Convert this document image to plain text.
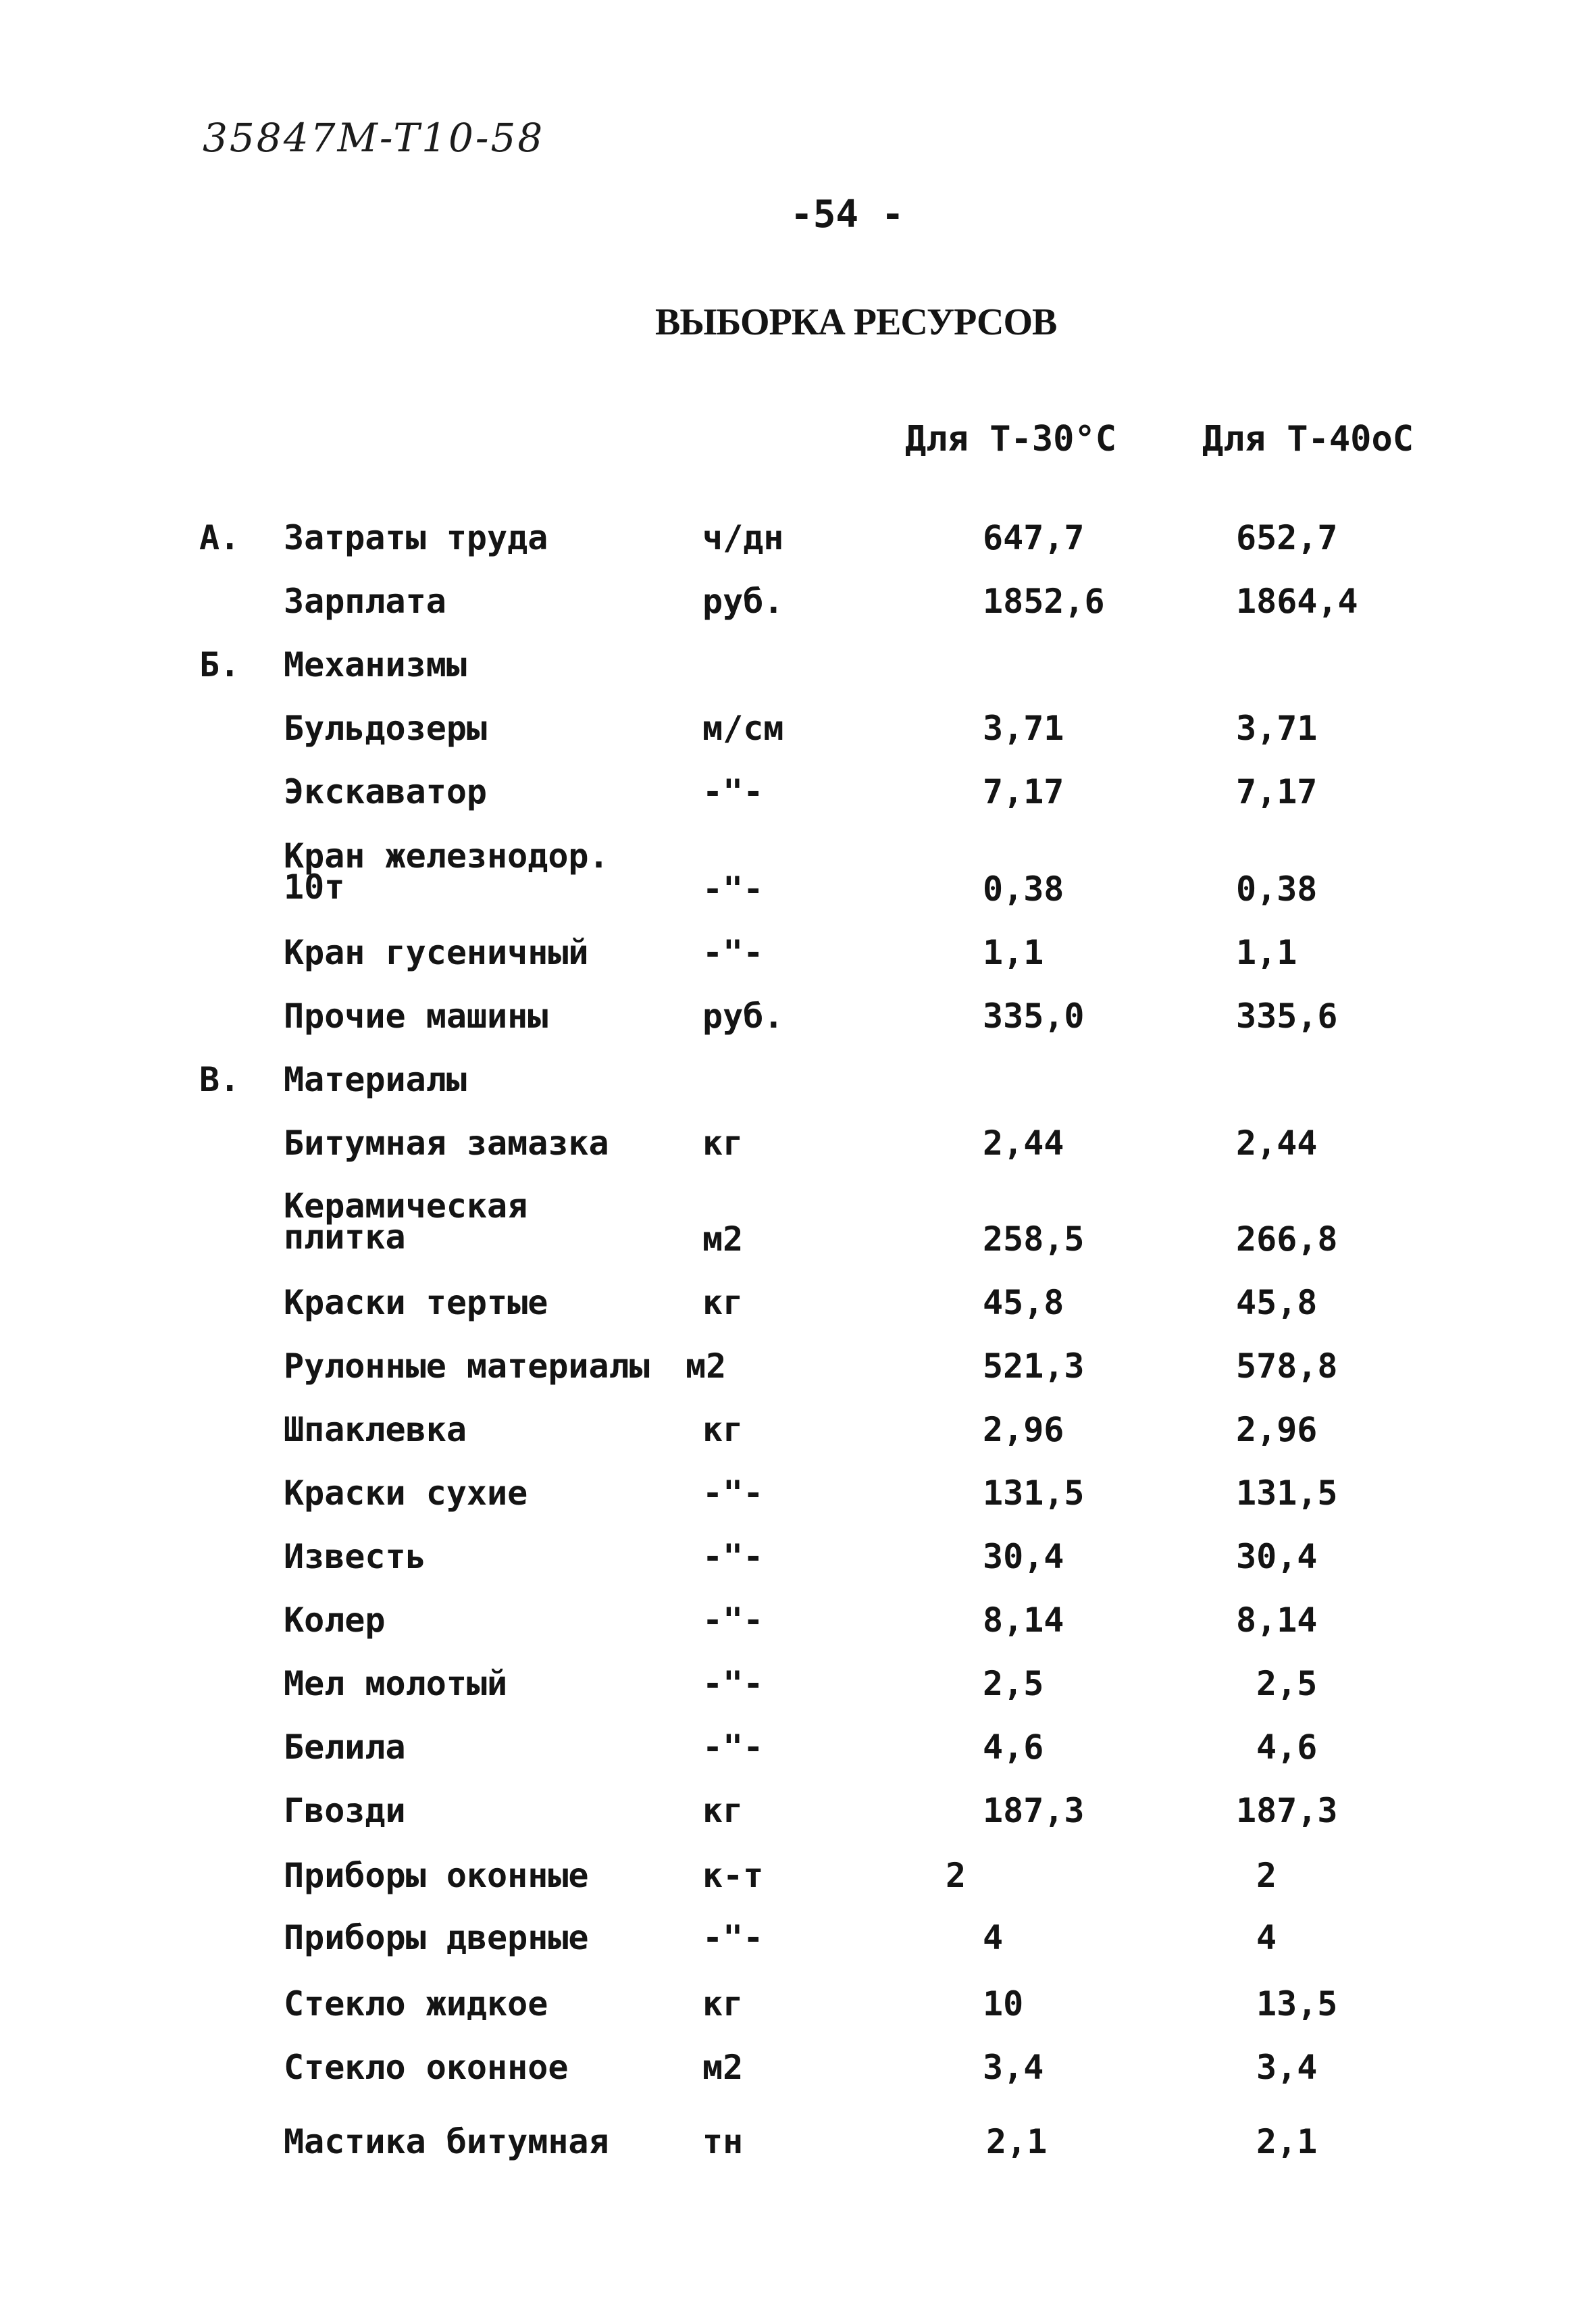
35847M-T10-58
-54 -
ВЫБОРКА РЕСУРСОВ
Для Т-30°С Для Т-40оС
А. Затраты труда	ч/дн	647,7	652,7
Зарплата	руб.	1852,6	1864,4
Б. Механизмы
Бульдозеры	м/см	3,71	3,71
Экскаватор	-"-	7,17	7,17
Кран железнодор.
10т	-"-	0,38	0,38
Кран гусеничный	-"-	1,1	1,1
Прочие машины	руб.	335,0	335,6
В. Материалы
Битумная замазка	кг	2,44	2,44
Керамическая
плитка	м2	258,5	266,8
Краски тертые	кг	45,8	45,8
Рулонные материалы м2	521,3	578,8
Шпаклевка	кг	2,96	2,96
Краски сухие	-"-	131,5	131,5
Известь	-"-	30,4	30,4
Колер	-"-	8,14	8,14
Мел молотый	-"-	2,5	2,5
Белила	-"-	4,6	4,6
Гвозди	кг	187,3	187,3
Приборы оконные	к-т	2	2
Приборы дверные	-"-	4	4
Стекло жидкое	кг	10	13,5
Стекло оконное	м2	3,4	3,4
Мастика битумная	тн	2,1	2,1
